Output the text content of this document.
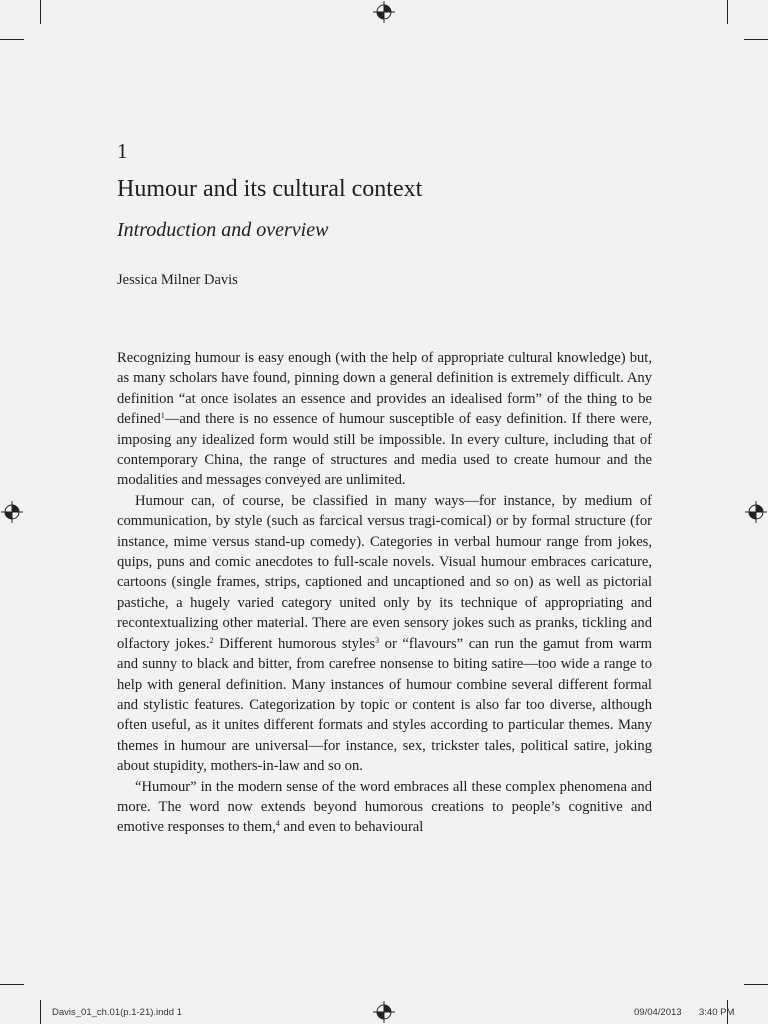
1
Humour and its cultural context
Introduction and overview
Jessica Milner Davis

Recognizing humour is easy enough (with the help of appropriate cultural knowledge) but, as many scholars have found, pinning down a general definition is extremely difficult. Any definition “at once isolates an essence and provides an idealised form” of the thing to be defined$^1$—and there is no essence of humour susceptible of easy definition. If there were, imposing any idealized form would still be impossible. In every culture, including that of contemporary China, the range of structures and media used to create humour and the modalities and messages conveyed are unlimited.

Humour can, of course, be classified in many ways—for instance, by medium of communication, by style (such as farcical versus tragi-comical) or by formal structure (for instance, mime versus stand-up comedy). Categories in verbal humour range from jokes, quips, puns and comic anecdotes to full-scale novels. Visual humour embraces caricature, cartoons (single frames, strips, captioned and uncaptioned and so on) as well as pictorial pastiche, a hugely varied category united only by its technique of appropriating and recontextualizing other material. There are even sensory jokes such as pranks, tickling and olfactory jokes.$^2$ Different humorous styles$^3$ or “flavours” can run the gamut from warm and sunny to black and bitter, from carefree nonsense to biting satire—too wide a range to help with general definition. Many instances of humour combine several different formal and stylistic features. Categorization by topic or content is also far too diverse, although often useful, as it unites different formats and styles according to particular themes. Many themes in humour are universal—for instance, sex, trickster tales, political satire, joking about stupidity, mothers-in-law and so on.

“Humour” in the modern sense of the word embraces all these complex phenomena and more. The word now extends beyond humorous creations to people’s cognitive and emotive responses to them,$^4$ and even to behavioural

Davis_01_ch.01(p.1-21).indd 1	09/04/2013 3:40 PM
